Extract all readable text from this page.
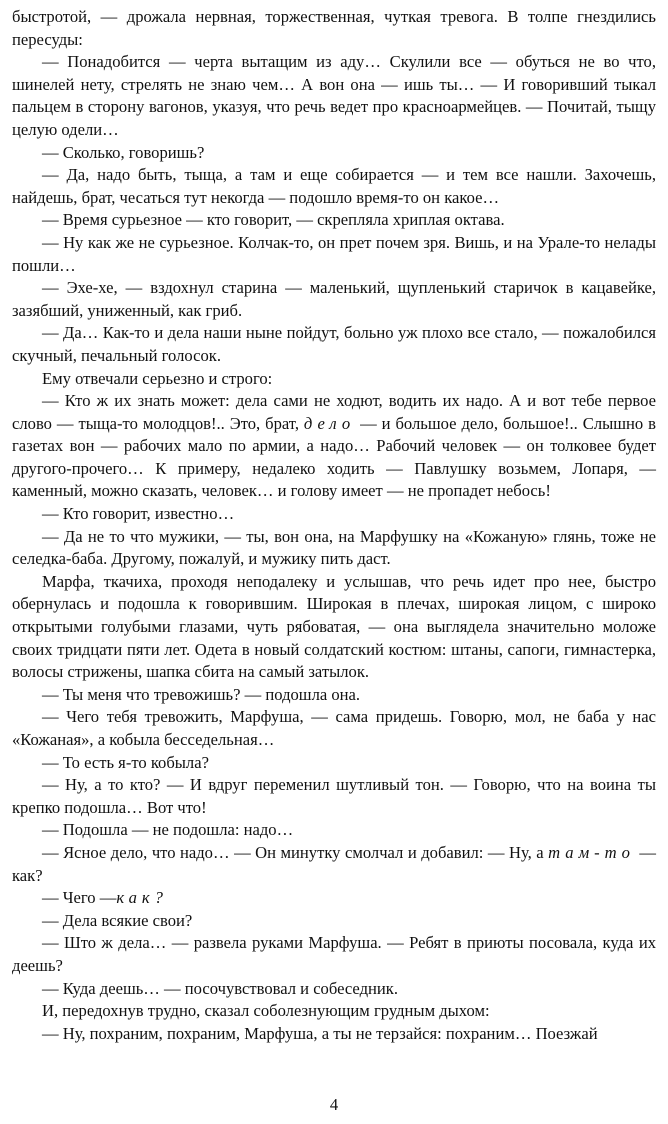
быстротой, — дрожала нервная, торжественная, чуткая тревога. В толпе гнездились пересуды:

— Понадобится — черта вытащим из аду… Скулили все — обуться не во что, шинелей нету, стрелять не знаю чем… А вон она — ишь ты… — И говоривший тыкал пальцем в сторону вагонов, указуя, что речь ведет про красноармейцев. — Почитай, тыщу целую одели…

— Сколько, говоришь?

— Да, надо быть, тыща, а там и еще собирается — и тем все нашли. Захочешь, найдешь, брат, чесаться тут некогда — подошло время-то он какое…

— Время сурьезное — кто говорит, — скрепляла хриплая октава.

— Ну как же не сурьезное. Колчак-то, он прет почем зря. Вишь, и на Урале-то нелады пошли…

— Эхе-хе, — вздохнул старина — маленький, щупленький старичок в кацавейке, зазябший, униженный, как гриб.

— Да… Как-то и дела наши ныне пойдут, больно уж плохо все стало, — пожалобился скучный, печальный голосок.

Ему отвечали серьезно и строго:

— Кто ж их знать может: дела сами не ходют, водить их надо. А и вот тебе первое слово — тыща-то молодцов!.. Это, брат, дело — и большое дело, большое!.. Слышно в газетах вон — рабочих мало по армии, а надо… Рабочий человек — он толковее будет другого-прочего… К примеру, недалеко ходить — Павлушку возьмем, Лопаря, — каменный, можно сказать, человек… и голову имеет — не пропадет небось!

— Кто говорит, известно…

— Да не то что мужики, — ты, вон она, на Марфушку на «Кожаную» глянь, тоже не селедка-баба. Другому, пожалуй, и мужику пить даст.

Марфа, ткачиха, проходя неподалеку и услышав, что речь идет про нее, быстро обернулась и подошла к говорившим. Широкая в плечах, широкая лицом, с широко открытыми голубыми глазами, чуть рябоватая, — она выглядела значительно моложе своих тридцати пяти лет. Одета в новый солдатский костюм: штаны, сапоги, гимнастерка, волосы стрижены, шапка сбита на самый затылок.

— Ты меня что тревожишь? — подошла она.

— Чего тебя тревожить, Марфуша, — сама придешь. Говорю, мол, не баба у нас «Кожаная», а кобыла бесседельная…

— То есть я-то кобыла?

— Ну, а то кто? — И вдруг переменил шутливый тон. — Говорю, что на воина ты крепко подошла… Вот что!

— Подошла — не подошла: надо…

— Ясное дело, что надо… — Он минутку смолчал и добавил: — Ну, а там-то — как?

— Чего —как?

— Дела всякие свои?

— Што ж дела… — развела руками Марфуша. — Ребят в приюты посовала, куда их деешь?

— Куда деешь… — посочувствовал и собеседник.

И, передохнув трудно, сказал соболезнующим грудным дыхом:

— Ну, похраним, похраним, Марфуша, а ты не терзайся: похраним… Поезжай

4
